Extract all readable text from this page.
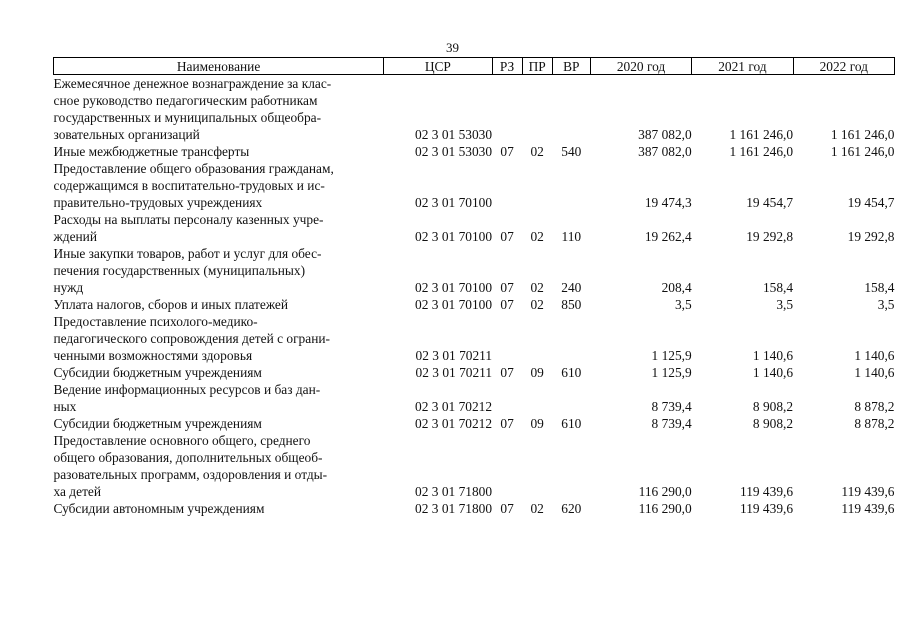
39
Наименование	ЦСР	РЗ	ПР	ВР	2020 год	2021 год	2022 год

Ежемесячное денежное вознаграждение за клас-
сное руководство педагогическим работникам
государственных и муниципальных общеобра-
зовательных организаций	02 3 01 53030				387 082,0	1 161 246,0	1 161 246,0

Иные межбюджетные трансферты	02 3 01 53030	07	02	540	387 082,0	1 161 246,0	1 161 246,0

Предоставление общего образования гражданам,
содержащимся в воспитательно-трудовых и ис-
правительно-трудовых учреждениях	02 3 01 70100				19 474,3	19 454,7	19 454,7

Расходы на выплаты персоналу казенных учре-
ждений	02 3 01 70100	07	02	110	19 262,4	19 292,8	19 292,8

Иные закупки товаров, работ и услуг для обес-
печения государственных (муниципальных)
нужд	02 3 01 70100	07	02	240	208,4	158,4	158,4

Уплата налогов, сборов и иных платежей	02 3 01 70100	07	02	850	3,5	3,5	3,5

Предоставление психолого-медико-
педагогического сопровождения детей с ограни-
ченными возможностями здоровья	02 3 01 70211				1 125,9	1 140,6	1 140,6

Субсидии бюджетным учреждениям	02 3 01 70211	07	09	610	1 125,9	1 140,6	1 140,6

Ведение информационных ресурсов и баз дан-
ных	02 3 01 70212				8 739,4	8 908,2	8 878,2

Субсидии бюджетным учреждениям	02 3 01 70212	07	09	610	8 739,4	8 908,2	8 878,2

Предоставление основного общего, среднего
общего образования, дополнительных общеоб-
разовательных программ, оздоровления и отды-
ха детей	02 3 01 71800				116 290,0	119 439,6	119 439,6

Субсидии автономным учреждениям	02 3 01 71800	07	02	620	116 290,0	119 439,6	119 439,6
